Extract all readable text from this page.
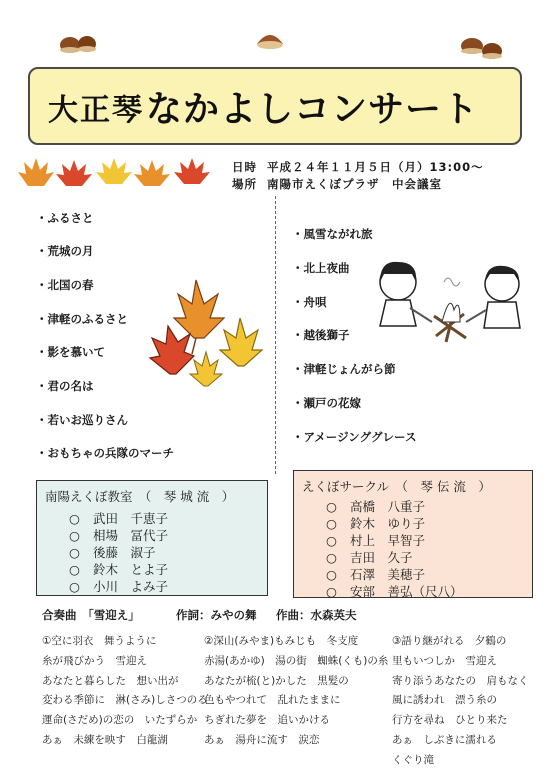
大正琴 なかよしコンサート
日時 平成２４年１１月５日（月）13:00～
場所 南陽市えくぼプラザ　中会議室
・ふるさと
・荒城の月
・北国の春
・津軽のふるさと
・影を慕いて
・君の名は
・若いお巡りさん
・おもちゃの兵隊のマーチ
・風雪ながれ旅
・北上夜曲
・舟唄
・越後獅子
・津軽じょんがら節
・瀬戸の花嫁
・アメージンググレース
南陽えくぼ教室　（　琴 城 流　）
○ 武田　千恵子
○ 相場　冨代子
○ 後藤　淑子
○ 鈴木　とよ子
○ 小川　よみ子
えくぼサークル　（　琴 伝 流　）
○ 高橋　八重子
○ 鈴木　ゆり子
○ 村上　早智子
○ 吉田　久子
○ 石澤　美穂子
○ 安部　善弘（尺八）
合奏曲　「雪迎え」	作詞：みやの舞 作曲：水森英夫
①空に羽衣　舞うように
糸が飛びかう　雪迎え
あなたと暮らした　想い出が
変わる季節に　淋(さみ)しさつのる
運命(さだめ)の恋の　いたずらか
あぁ　未練を映す　白龍湖
②深山(みやま)もみじも　冬支度
赤湯(あかゆ)　湯の街　蜘蛛(くも)の糸
あなたが梳(と)かした　黒髪の
色もやつれて　乱れたままに
ちぎれた夢を　追いかける
あぁ　湯舟に流す　涙恋
③語り継がれる　夕鶴の
里もいつしか　雪迎え
寄り添うあなたの　肩もなく
風に誘われ　漂う糸の
行方を尋ね　ひとり来た
あぁ　しぶきに濡れる
くぐり滝
